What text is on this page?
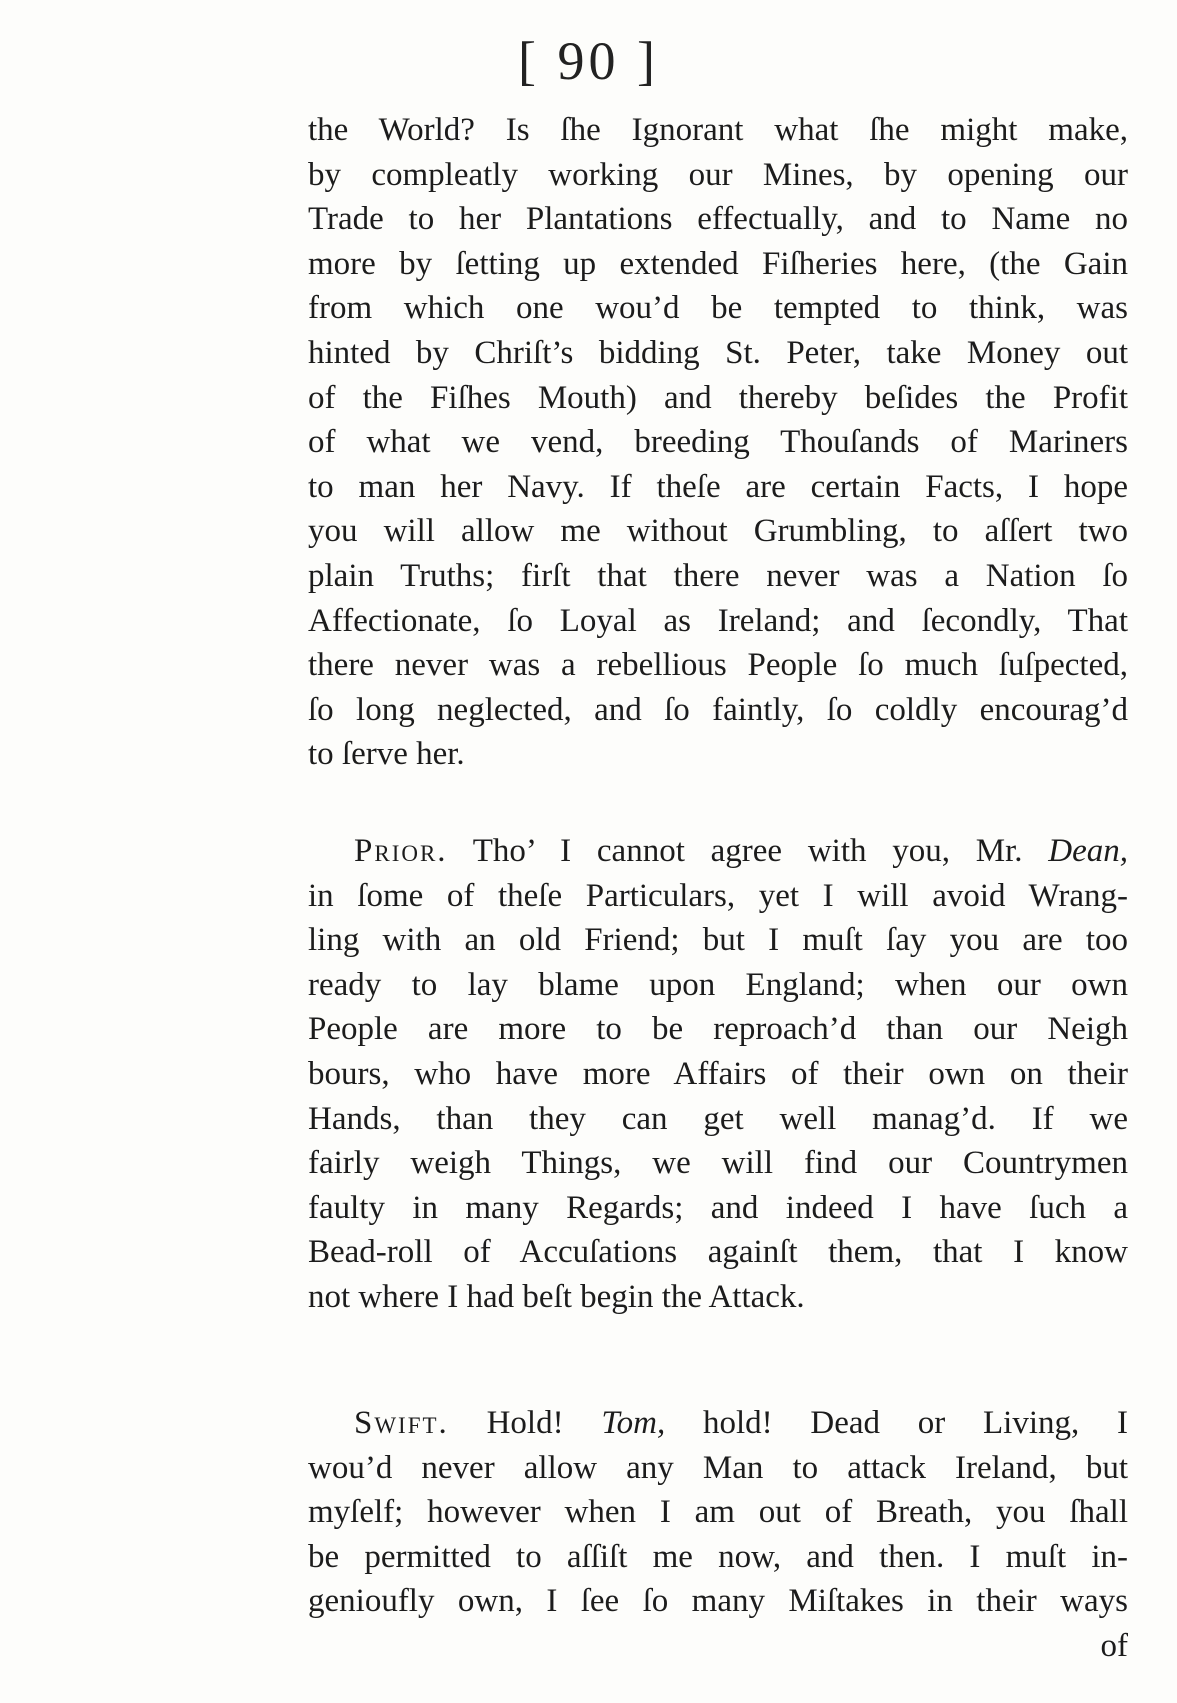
[ 90 ]
the World? Is ſhe Ignorant what ſhe might make,
by compleatly working our Mines, by opening our
Trade to her Plantations effectually, and to Name no
more by ſetting up extended Fiſheries here, (the Gain
from which one wou’d be tempted to think, was
hinted by Chriſt’s bidding St. Peter, take Money out
of the Fiſhes Mouth) and thereby beſides the Profit
of what we vend, breeding Thouſands of Mariners
to man her Navy. If theſe are certain Facts, I hope
you will allow me without Grumbling, to aſſert two
plain Truths; firſt that there never was a Nation ſo
Affectionate, ſo Loyal as Ireland; and ſecondly, That
there never was a rebellious People ſo much ſuſpected,
ſo long neglected, and ſo faintly, ſo coldly encourag’d
to ſerve her.
Prior. Tho’ I cannot agree with you, Mr. Dean,
in ſome of theſe Particulars, yet I will avoid Wrang-
ling with an old Friend; but I muſt ſay you are too
ready to lay blame upon England; when our own
People are more to be reproach’d than our Neigh
bours, who have more Affairs of their own on their
Hands, than they can get well manag’d. If we
fairly weigh Things, we will find our Countrymen
faulty in many Regards; and indeed I have ſuch a
Bead-roll of Accuſations againſt them, that I know
not where I had beſt begin the Attack.
Swift. Hold! Tom, hold! Dead or Living, I
wou’d never allow any Man to attack Ireland, but
myſelf; however when I am out of Breath, you ſhall
be permitted to aſſiſt me now, and then. I muſt in-
genioufly own, I ſee ſo many Miſtakes in their ways
of
